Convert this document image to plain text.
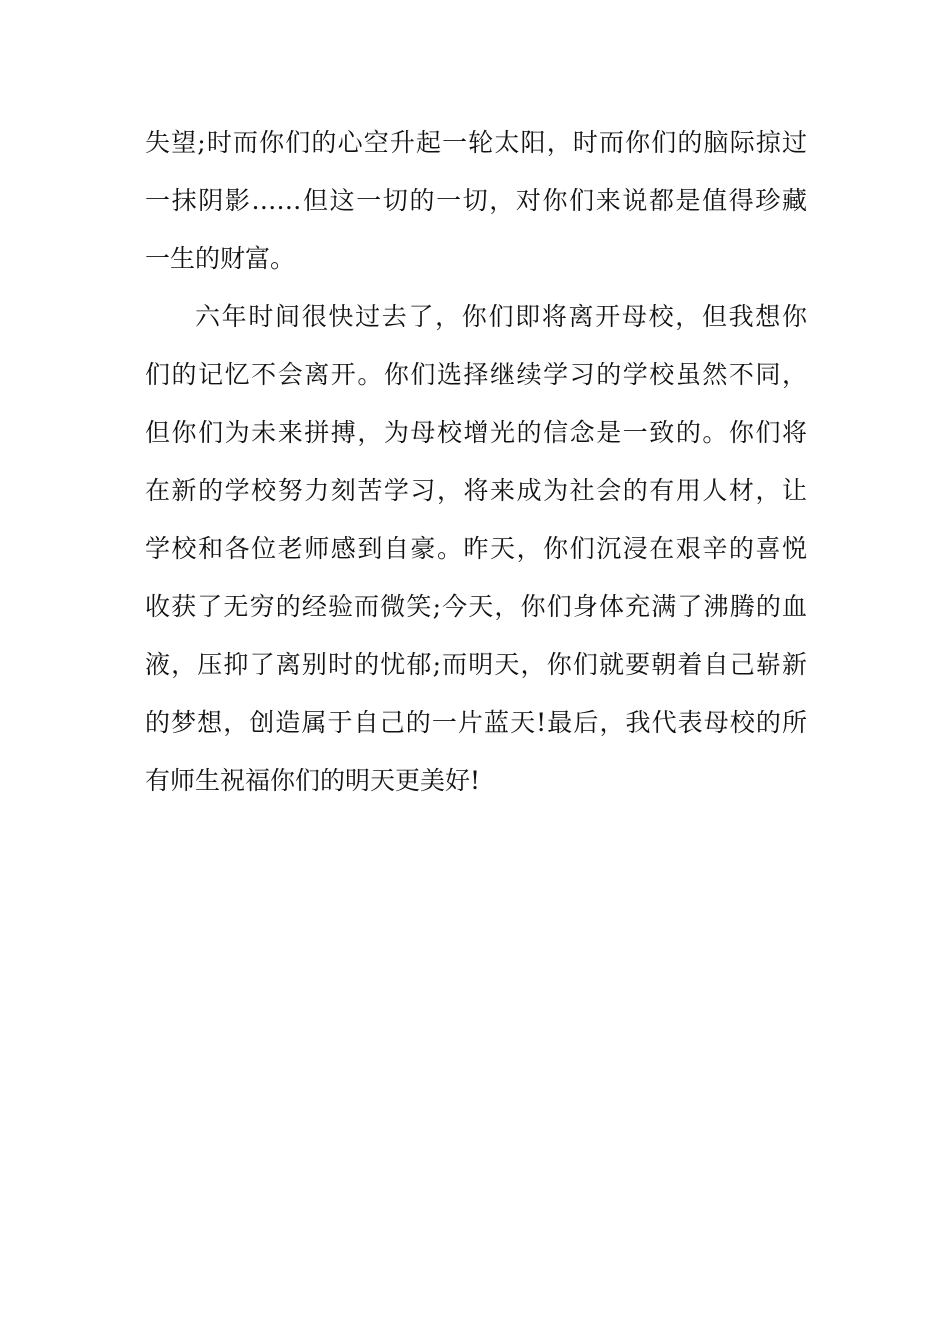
失望;时而你们的心空升起一轮太阳，时而你们的脑际掠过
一抹阴影……但这一切的一切，对你们来说都是值得珍藏
一生的财富。
六年时间很快过去了，你们即将离开母校，但我想你
们的记忆不会离开。你们选择继续学习的学校虽然不同，
但你们为未来拼搏，为母校增光的信念是一致的。你们将
在新的学校努力刻苦学习，将来成为社会的有用人材，让
学校和各位老师感到自豪。昨天，你们沉浸在艰辛的喜悦
收获了无穷的经验而微笑;今天，你们身体充满了沸腾的血
液，压抑了离别时的忧郁;而明天，你们就要朝着自己崭新
的梦想，创造属于自己的一片蓝天!最后，我代表母校的所
有师生祝福你们的明天更美好!
